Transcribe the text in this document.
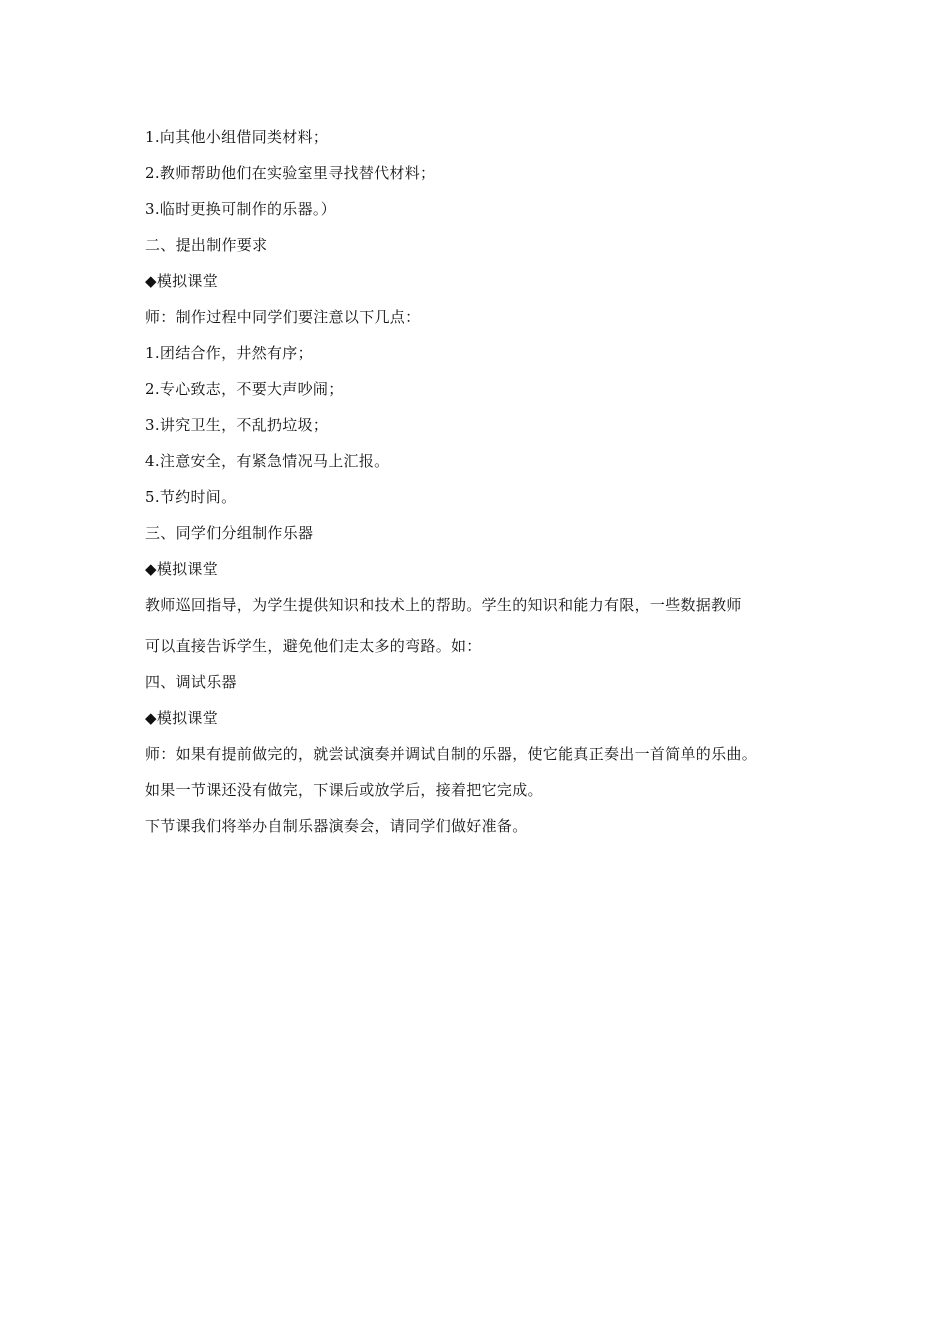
1.向其他小组借同类材料；
2.教师帮助他们在实验室里寻找替代材料；
3.临时更换可制作的乐器。）
二、提出制作要求
◆模拟课堂
师：制作过程中同学们要注意以下几点：
1.团结合作，井然有序；
2.专心致志，不要大声吵闹；
3.讲究卫生，不乱扔垃圾；
4.注意安全，有紧急情况马上汇报。
5.节约时间。
三、同学们分组制作乐器
◆模拟课堂
教师巡回指导，为学生提供知识和技术上的帮助。学生的知识和能力有限，一些数据教师
可以直接告诉学生，避免他们走太多的弯路。如：
四、调试乐器
◆模拟课堂
师：如果有提前做完的，就尝试演奏并调试自制的乐器，使它能真正奏出一首简单的乐曲。
如果一节课还没有做完，下课后或放学后，接着把它完成。
下节课我们将举办自制乐器演奏会，请同学们做好准备。
